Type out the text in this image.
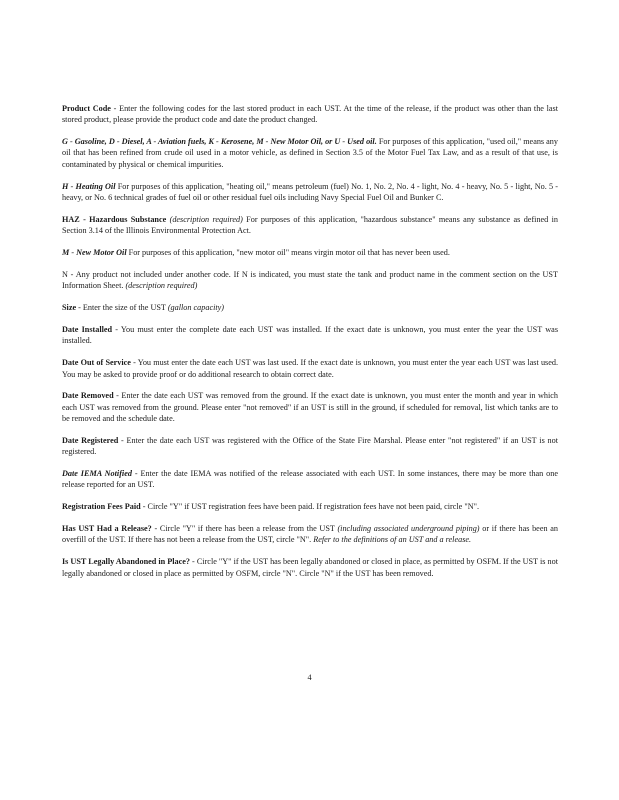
Product Code - Enter the following codes for the last stored product in each UST. At the time of the release, if the product was other than the last stored product, please provide the product code and date the product changed.

G - Gasoline, D - Diesel, A - Aviation fuels, K - Kerosene, M - New Motor Oil, or U - Used oil. For purposes of this application, "used oil," means any oil that has been refined from crude oil used in a motor vehicle, as defined in Section 3.5 of the Motor Fuel Tax Law, and as a result of that use, is contaminated by physical or chemical impurities.

H - Heating Oil For purposes of this application, "heating oil," means petroleum (fuel) No. 1, No. 2, No. 4 - light, No. 4 - heavy, No. 5 - light, No. 5 - heavy, or No. 6 technical grades of fuel oil or other residual fuel oils including Navy Special Fuel Oil and Bunker C.

HAZ - Hazardous Substance (description required) For purposes of this application, "hazardous substance" means any substance as defined in Section 3.14 of the Illinois Environmental Protection Act.

M - New Motor Oil For purposes of this application, "new motor oil" means virgin motor oil that has never been used.

N - Any product not included under another code. If N is indicated, you must state the tank and product name in the comment section on the UST Information Sheet. (description required)

Size - Enter the size of the UST (gallon capacity)

Date Installed - You must enter the complete date each UST was installed. If the exact date is unknown, you must enter the year the UST was installed.

Date Out of Service - You must enter the date each UST was last used. If the exact date is unknown, you must enter the year each UST was last used. You may be asked to provide proof or do additional research to obtain correct date.

Date Removed - Enter the date each UST was removed from the ground. If the exact date is unknown, you must enter the month and year in which each UST was removed from the ground. Please enter "not removed" if an UST is still in the ground, if scheduled for removal, list which tanks are to be removed and the schedule date.

Date Registered - Enter the date each UST was registered with the Office of the State Fire Marshal. Please enter "not registered" if an UST is not registered.

Date IEMA Notified - Enter the date IEMA was notified of the release associated with each UST. In some instances, there may be more than one release reported for an UST.

Registration Fees Paid - Circle "Y" if UST registration fees have been paid. If registration fees have not been paid, circle "N".

Has UST Had a Release? - Circle "Y" if there has been a release from the UST (including associated underground piping) or if there has been an overfill of the UST. If there has not been a release from the UST, circle "N". Refer to the definitions of an UST and a release.

Is UST Legally Abandoned in Place? - Circle "Y" if the UST has been legally abandoned or closed in place, as permitted by OSFM. If the UST is not legally abandoned or closed in place as permitted by OSFM, circle "N". Circle "N" if the UST has been removed.

4
